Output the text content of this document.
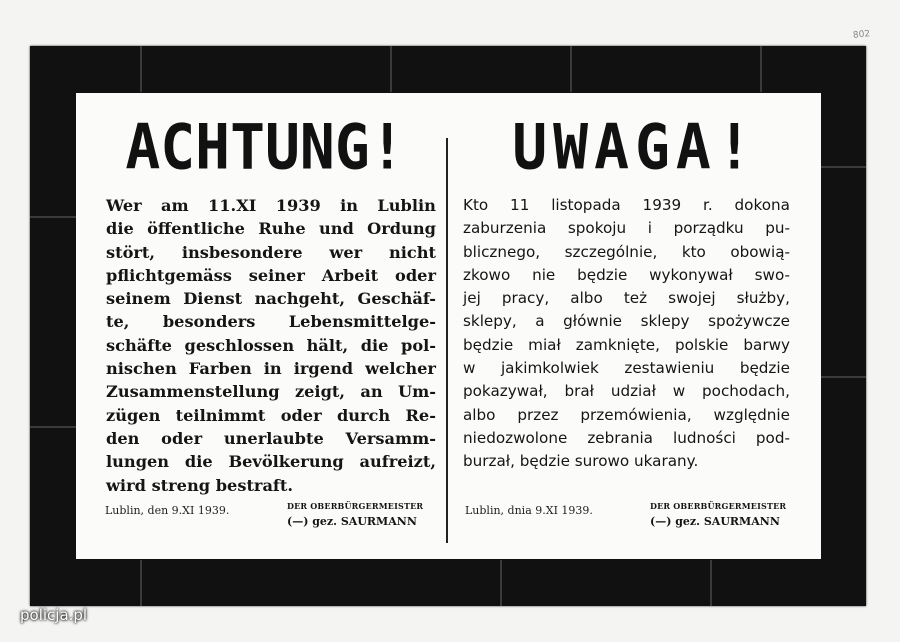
802
ACHTUNG!	UWAGA!
Wer am 11.XI 1939 in Lublin
die öffentliche Ruhe und Ordung
stört, insbesondere wer nicht
pflichtgemäss seiner Arbeit oder
seinem Dienst nachgeht, Geschäf-
te, besonders Lebensmittelge-
schäfte geschlossen hält, die pol-
nischen Farben in irgend welcher
Zusammenstellung zeigt, an Um-
zügen teilnimmt oder durch Re-
den oder unerlaubte Versamm-
lungen die Bevölkerung aufreizt,
wird streng bestraft.
Kto 11 listopada 1939 r. dokona
zaburzenia spokoju i porządku pu-
blicznego, szczególnie, kto obowią-
zkowo nie będzie wykonywał swo-
jej pracy, albo też swojej służby,
sklepy, a głównie sklepy spożywcze
będzie miał zamknięte, polskie barwy
w jakimkolwiek zestawieniu będzie
pokazywał, brał udział w pochodach,
albo przez przemówienia, względnie
niedozwolone zebrania ludności pod-
burzał, będzie surowo ukarany.
Lublin, den 9.XI 1939.	DER OBERBÜRGERMEISTER
(—) gez. SAURMANN
Lublin, dnia 9.XI 1939.	DER OBERBÜRGERMEISTER
(—) gez. SAURMANN
policja.pl
